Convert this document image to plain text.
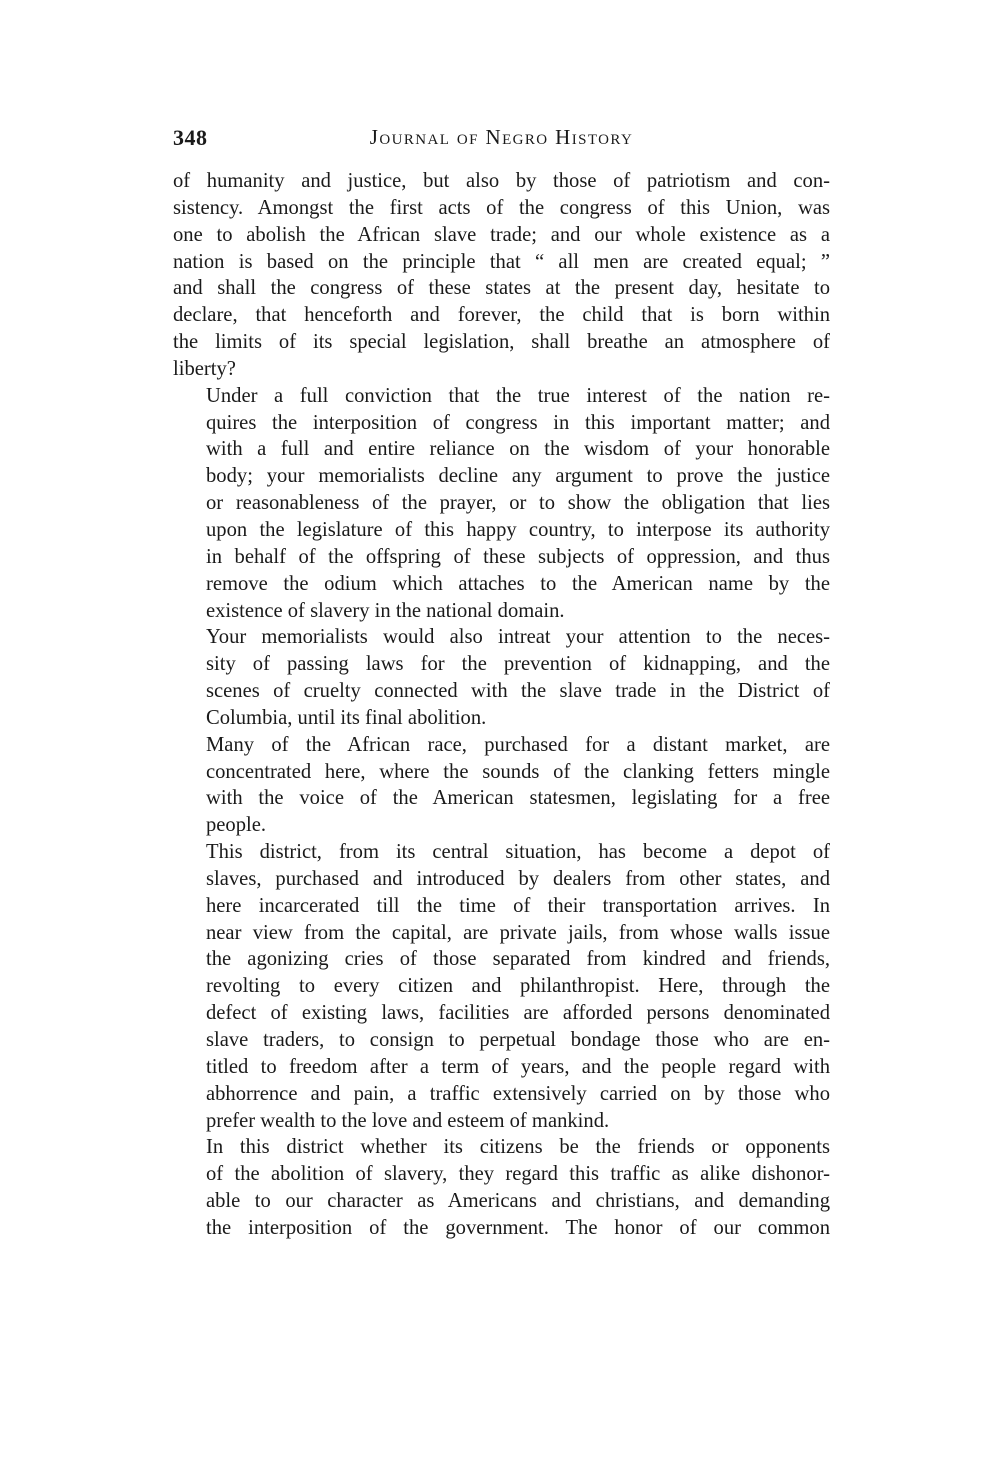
348	Journal of Negro History

of humanity and justice, but also by those of patriotism and con-
sistency. Amongst the first acts of the congress of this Union, was
one to abolish the African slave trade; and our whole existence as a
nation is based on the principle that “ all men are created equal; ”
and shall the congress of these states at the present day, hesitate to
declare, that henceforth and forever, the child that is born within
the limits of its special legislation, shall breathe an atmosphere of
liberty?

Under a full conviction that the true interest of the nation re-
quires the interposition of congress in this important matter; and
with a full and entire reliance on the wisdom of your honorable
body; your memorialists decline any argument to prove the justice
or reasonableness of the prayer, or to show the obligation that lies
upon the legislature of this happy country, to interpose its authority
in behalf of the offspring of these subjects of oppression, and thus
remove the odium which attaches to the American name by the
existence of slavery in the national domain.

Your memorialists would also intreat your attention to the neces-
sity of passing laws for the prevention of kidnapping, and the
scenes of cruelty connected with the slave trade in the District of
Columbia, until its final abolition.

Many of the African race, purchased for a distant market, are
concentrated here, where the sounds of the clanking fetters mingle
with the voice of the American statesmen, legislating for a free
people.

This district, from its central situation, has become a depot of
slaves, purchased and introduced by dealers from other states, and
here incarcerated till the time of their transportation arrives. In
near view from the capital, are private jails, from whose walls issue
the agonizing cries of those separated from kindred and friends,
revolting to every citizen and philanthropist. Here, through the
defect of existing laws, facilities are afforded persons denominated
slave traders, to consign to perpetual bondage those who are en-
titled to freedom after a term of years, and the people regard with
abhorrence and pain, a traffic extensively carried on by those who
prefer wealth to the love and esteem of mankind.

In this district whether its citizens be the friends or opponents
of the abolition of slavery, they regard this traffic as alike dishonor-
able to our character as Americans and christians, and demanding
the interposition of the government. The honor of our common
